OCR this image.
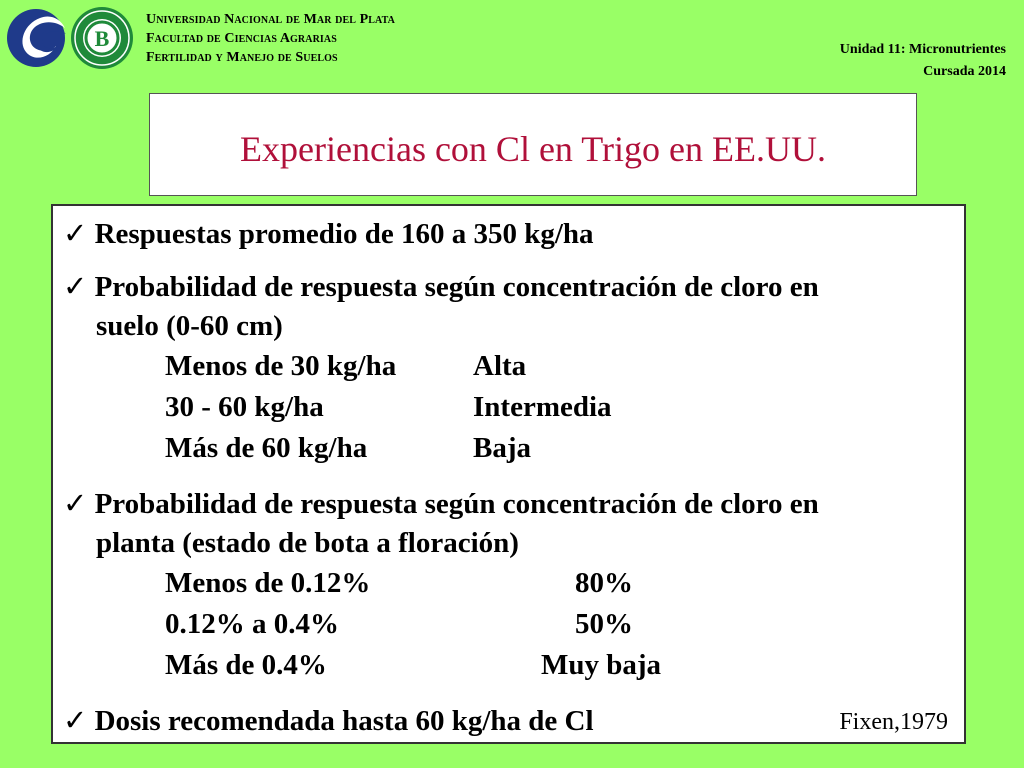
B
Universidad Nacional de Mar del Plata
Facultad de Ciencias Agrarias
Fertilidad y Manejo de Suelos
Unidad 11: Micronutrientes
Cursada 2014
Experiencias con Cl en Trigo en EE.UU.
✓ Respuestas promedio de 160 a 350 kg/ha
✓ Probabilidad de respuesta según concentración de cloro en
suelo (0-60 cm)
Menos de 30 kg/ha	Alta
30 - 60 kg/ha	Intermedia
Más de 60 kg/ha	Baja
✓ Probabilidad de respuesta según concentración de cloro en
planta (estado de bota a floración)
Menos de 0.12%	80%
0.12% a 0.4%	50%
Más de 0.4%	Muy baja
✓ Dosis recomendada hasta 60 kg/ha de Cl	Fixen,1979
